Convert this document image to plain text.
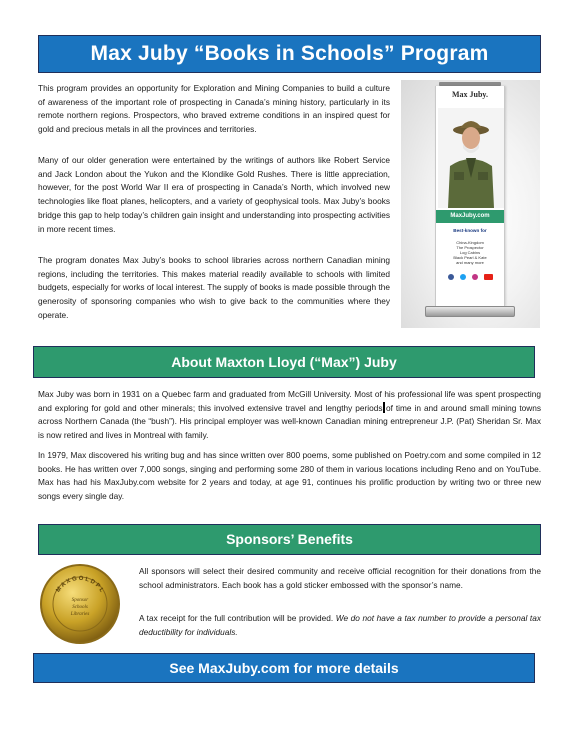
Max Juby “Books in Schools” Program

This program provides an opportunity for Exploration and Mining Companies to build a culture of awareness of the important role of prospecting in Canada’s mining history, particularly in its remote northern regions. Prospectors, who braved extreme conditions in an inspired quest for gold and precious metals in all the provinces and territories.

Many of our older generation were entertained by the writings of authors like Robert Service and Jack London about the Yukon and the Klondike Gold Rushes. There is little appreciation, however, for the post World War II era of prospecting in Canada’s North, which involved new technologies like float planes, helicopters, and a variety of geophysical tools. Max Juby’s books bridge this gap to help today’s children gain insight and understanding into prospecting activities in more recent times.

The program donates Max Juby’s books to school libraries across northern Canadian mining regions, including the territories. This makes material readily available to schools with limited budgets, especially for works of local interest. The supply of books is made possible through the generosity of sponsoring companies who wish to give back to the communities where they operate.

Max Juby.
MaxJuby.com
Best-known for
China-Kingdom
The Prospector
Log Cabins
Black Pearl & Kate
and many more
About Maxton Lloyd (“Max”) Juby

Max Juby was born in 1931 on a Quebec farm and graduated from McGill University. Most of his professional life was spent prospecting and exploring for gold and other minerals; this involved extensive travel and lengthy periods of time in and around small mining towns across Northern Canada (the “bush”). His principal employer was well-known Canadian mining entrepreneur J.P. (Pat) Sheridan Sr. Max is now retired and lives in Montreal with family.

In 1979, Max discovered his writing bug and has since written over 800 poems, some published on Poetry.com and some compiled in 12 books. He has written over 7,000 songs, singing and performing some 280 of them in various locations including Reno and on YouTube. Max has had his MaxJuby.com website for 2 years and today, at age 91, continues his prolific production by writing two or three new songs every single day.

Sponsors’ Benefits
M A X G O L D P L
Sponsor
Schools
Libraries

All sponsors will select their desired community and receive official recognition for their donations from the school administrators. Each book has a gold sticker embossed with the sponsor’s name.

A tax receipt for the full contribution will be provided. We do not have a tax number to provide a personal tax deductibility for individuals.

See MaxJuby.com for more details
